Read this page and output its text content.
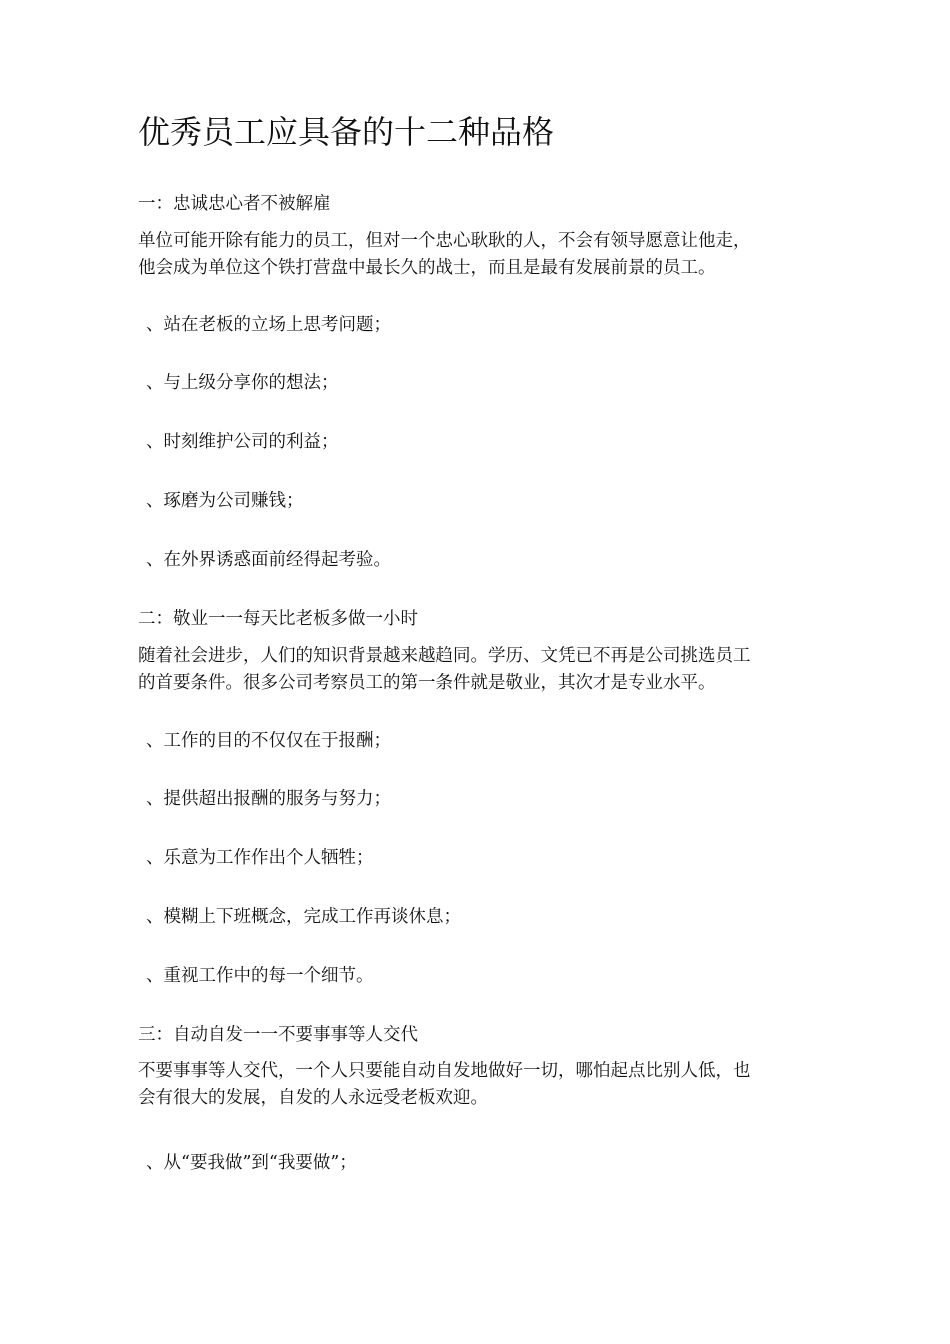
优秀员工应具备的十二种品格

一：忠诚忠心者不被解雇

单位可能开除有能力的员工，但对一个忠心耿耿的人，不会有领导愿意让他走，
他会成为单位这个铁打营盘中最长久的战士，而且是最有发展前景的员工。

、站在老板的立场上思考问题；

、与上级分享你的想法；

、时刻维护公司的利益；

、琢磨为公司赚钱；

、在外界诱惑面前经得起考验。

二：敬业一一每天比老板多做一小时

随着社会进步，人们的知识背景越来越趋同。学历、文凭已不再是公司挑选员工
的首要条件。很多公司考察员工的第一条件就是敬业，其次才是专业水平。

、工作的目的不仅仅在于报酬；

、提供超出报酬的服务与努力；

、乐意为工作作出个人牺牲；

、模糊上下班概念，完成工作再谈休息；

、重视工作中的每一个细节。

三：自动自发一一不要事事等人交代

不要事事等人交代，一个人只要能自动自发地做好一切，哪怕起点比别人低，也
会有很大的发展，自发的人永远受老板欢迎。

、从“要我做”到“我要做”；
